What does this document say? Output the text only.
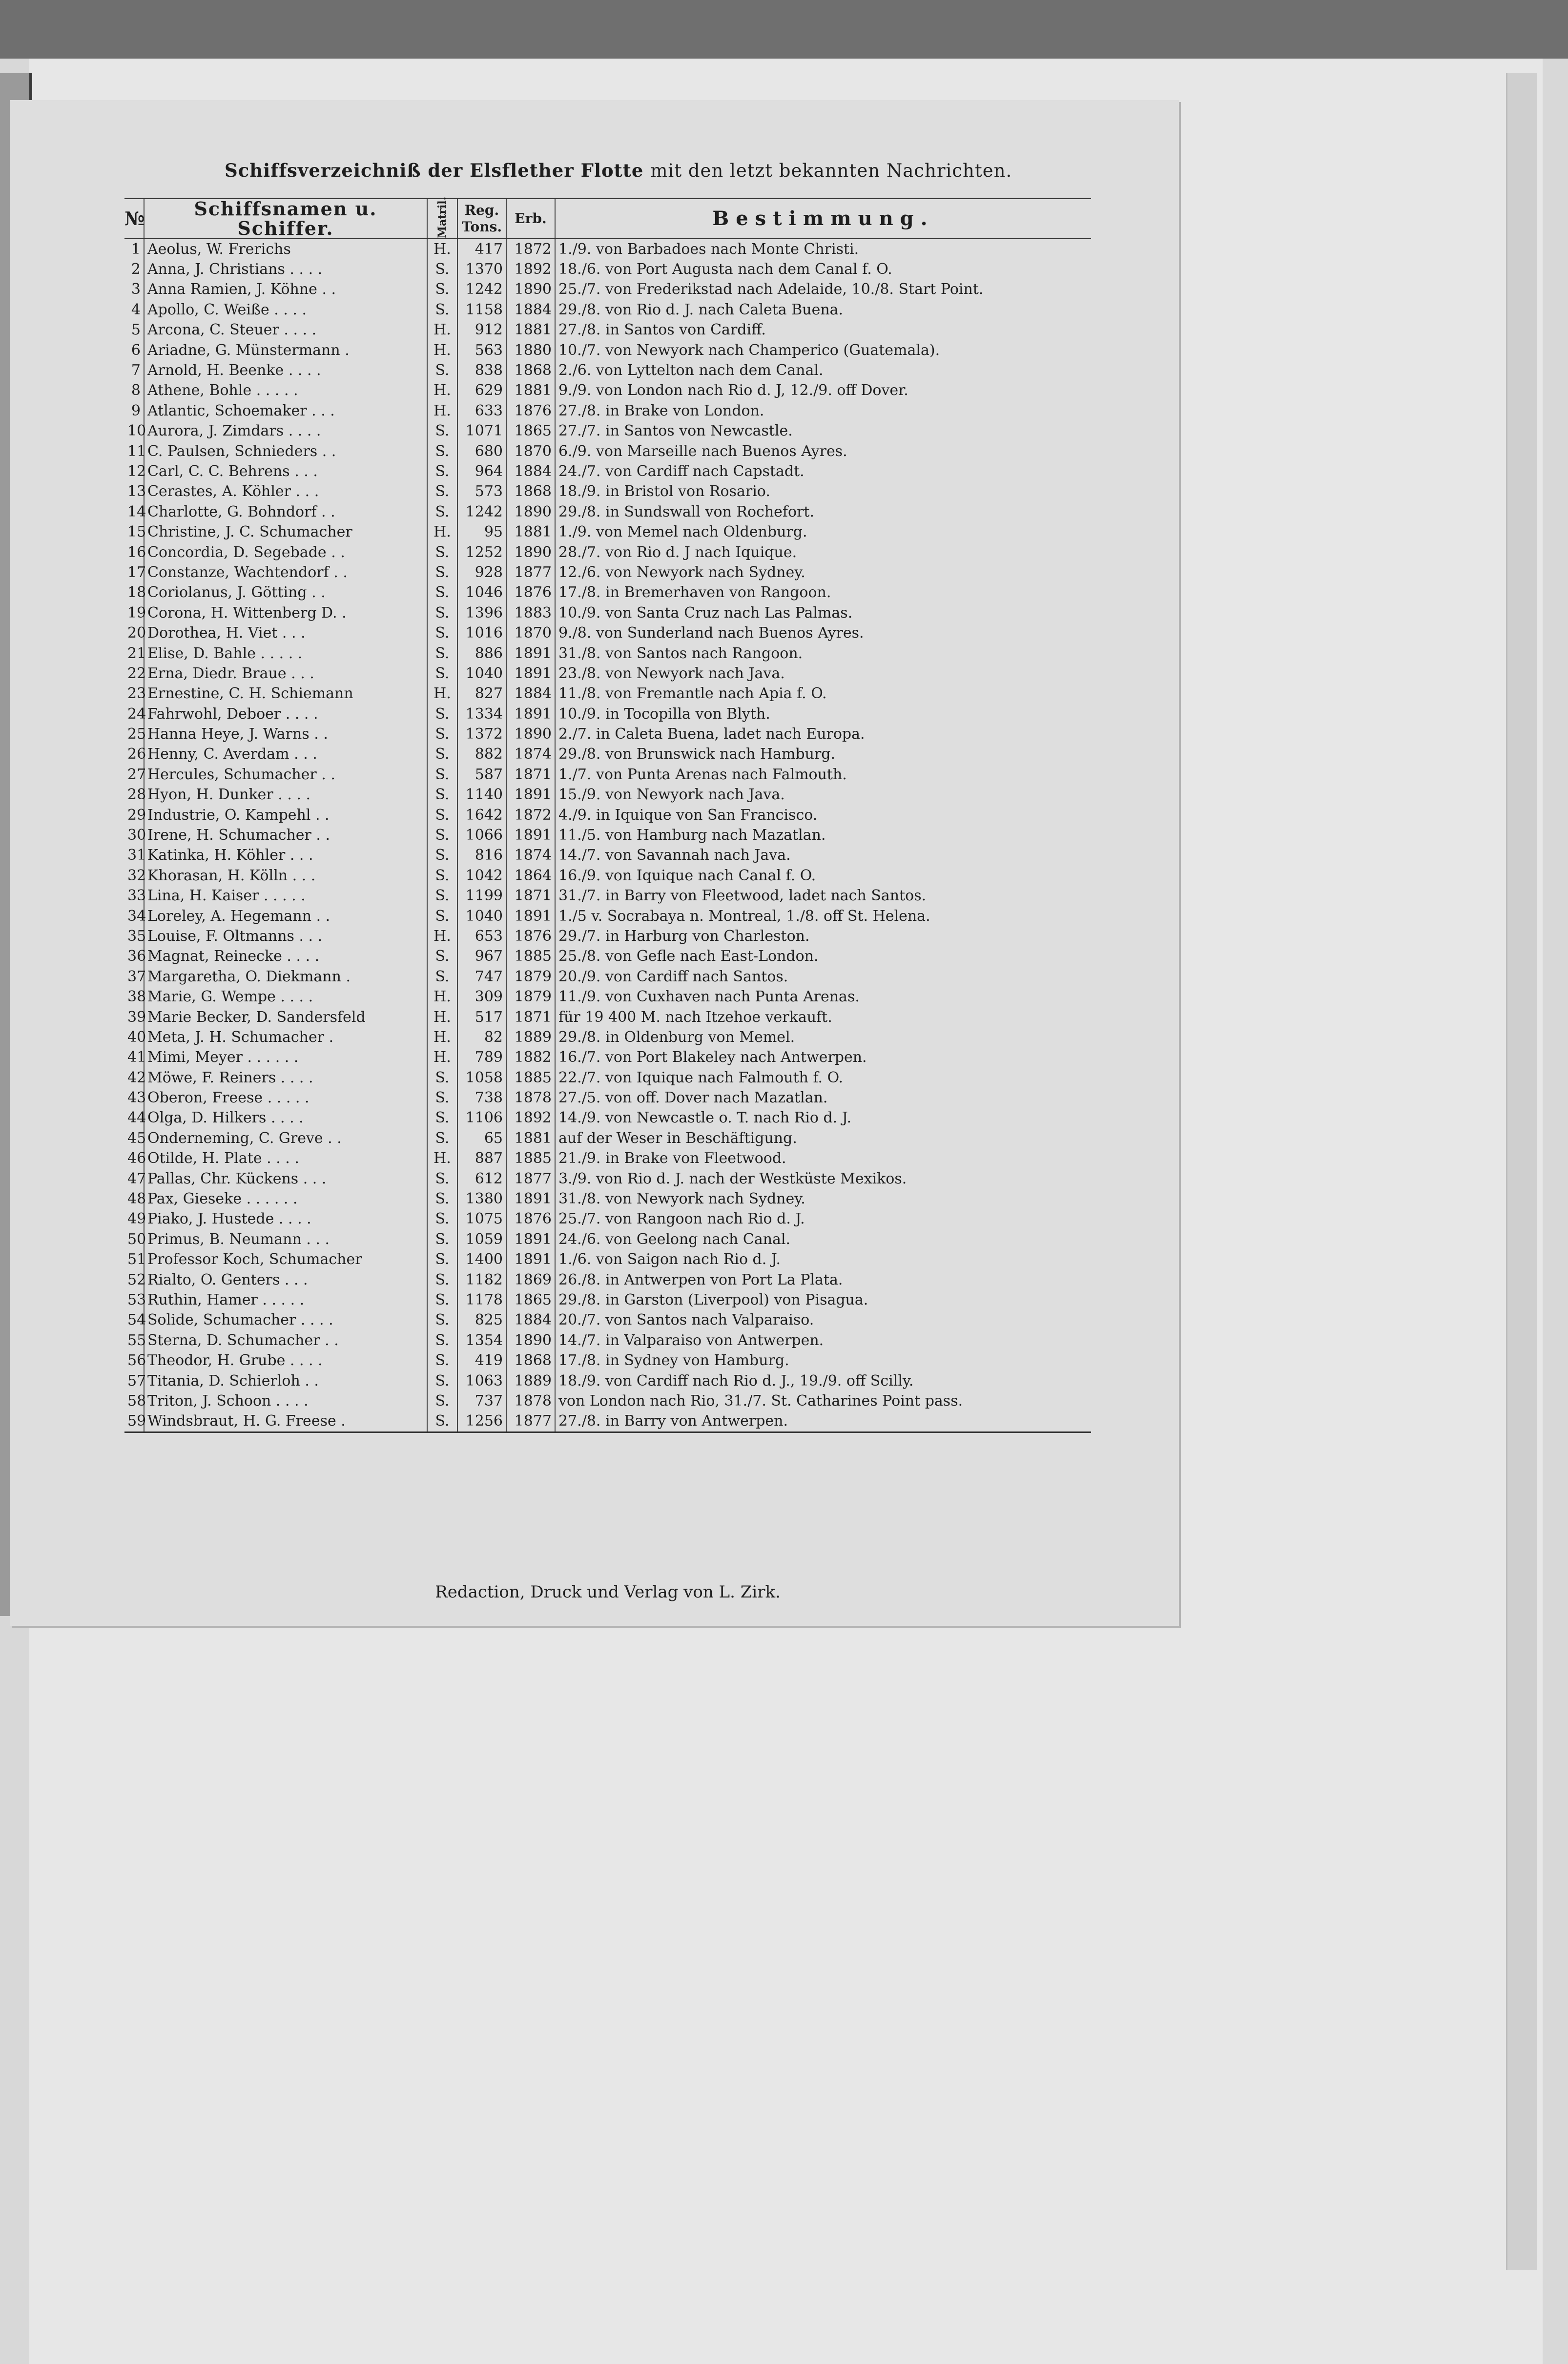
Schiffsverzeichniß der Elsflether Flotte mit den letzt bekannten Nachrichten.
№	Schiffsnamen u. Schiffer.	Matril.	Reg. Tons.	Erb.	Bestimmung.
1	Aeolus, W. Frerichs	H.	417	1872	1./9. von Barbadoes nach Monte Christi.
2	Anna, J. Christians . . . .	S.	1370	1892	18./6. von Port Augusta nach dem Canal f. O.
3	Anna Ramien, J. Köhne . .	S.	1242	1890	25./7. von Frederikstad nach Adelaide, 10./8. Start Point.
4	Apollo, C. Weiße . . . .	S.	1158	1884	29./8. von Rio d. J. nach Caleta Buena.
5	Arcona, C. Steuer . . . .	H.	912	1881	27./8. in Santos von Cardiff.
6	Ariadne, G. Münstermann .	H.	563	1880	10./7. von Newyork nach Champerico (Guatemala).
7	Arnold, H. Beenke . . . .	S.	838	1868	2./6. von Lyttelton nach dem Canal.
8	Athene, Bohle . . . . .	H.	629	1881	9./9. von London nach Rio d. J, 12./9. off Dover.
9	Atlantic, Schoemaker . . .	H.	633	1876	27./8. in Brake von London.
10	Aurora, J. Zimdars . . . .	S.	1071	1865	27./7. in Santos von Newcastle.
11	C. Paulsen, Schnieders . .	S.	680	1870	6./9. von Marseille nach Buenos Ayres.
12	Carl, C. C. Behrens . . .	S.	964	1884	24./7. von Cardiff nach Capstadt.
13	Cerastes, A. Köhler . . .	S.	573	1868	18./9. in Bristol von Rosario.
14	Charlotte, G. Bohndorf . .	S.	1242	1890	29./8. in Sundswall von Rochefort.
15	Christine, J. C. Schumacher	H.	95	1881	1./9. von Memel nach Oldenburg.
16	Concordia, D. Segebade . .	S.	1252	1890	28./7. von Rio d. J nach Iquique.
17	Constanze, Wachtendorf . .	S.	928	1877	12./6. von Newyork nach Sydney.
18	Coriolanus, J. Götting . .	S.	1046	1876	17./8. in Bremerhaven von Rangoon.
19	Corona, H. Wittenberg D. .	S.	1396	1883	10./9. von Santa Cruz nach Las Palmas.
20	Dorothea, H. Viet . . .	S.	1016	1870	9./8. von Sunderland nach Buenos Ayres.
21	Elise, D. Bahle . . . . .	S.	886	1891	31./8. von Santos nach Rangoon.
22	Erna, Diedr. Braue . . .	S.	1040	1891	23./8. von Newyork nach Java.
23	Ernestine, C. H. Schiemann	H.	827	1884	11./8. von Fremantle nach Apia f. O.
24	Fahrwohl, Deboer . . . .	S.	1334	1891	10./9. in Tocopilla von Blyth.
25	Hanna Heye, J. Warns . .	S.	1372	1890	2./7. in Caleta Buena, ladet nach Europa.
26	Henny, C. Averdam . . .	S.	882	1874	29./8. von Brunswick nach Hamburg.
27	Hercules, Schumacher . .	S.	587	1871	1./7. von Punta Arenas nach Falmouth.
28	Hyon, H. Dunker . . . .	S.	1140	1891	15./9. von Newyork nach Java.
29	Industrie, O. Kampehl . .	S.	1642	1872	4./9. in Iquique von San Francisco.
30	Irene, H. Schumacher . .	S.	1066	1891	11./5. von Hamburg nach Mazatlan.
31	Katinka, H. Köhler . . .	S.	816	1874	14./7. von Savannah nach Java.
32	Khorasan, H. Kölln . . .	S.	1042	1864	16./9. von Iquique nach Canal f. O.
33	Lina, H. Kaiser . . . . .	S.	1199	1871	31./7. in Barry von Fleetwood, ladet nach Santos.
34	Loreley, A. Hegemann . .	S.	1040	1891	1./5 v. Socrabaya n. Montreal, 1./8. off St. Helena.
35	Louise, F. Oltmanns . . .	H.	653	1876	29./7. in Harburg von Charleston.
36	Magnat, Reinecke . . . .	S.	967	1885	25./8. von Gefle nach East-London.
37	Margaretha, O. Diekmann .	S.	747	1879	20./9. von Cardiff nach Santos.
38	Marie, G. Wempe . . . .	H.	309	1879	11./9. von Cuxhaven nach Punta Arenas.
39	Marie Becker, D. Sandersfeld	H.	517	1871	für 19 400 M. nach Itzehoe verkauft.
40	Meta, J. H. Schumacher .	H.	82	1889	29./8. in Oldenburg von Memel.
41	Mimi, Meyer . . . . . .	H.	789	1882	16./7. von Port Blakeley nach Antwerpen.
42	Möwe, F. Reiners . . . .	S.	1058	1885	22./7. von Iquique nach Falmouth f. O.
43	Oberon, Freese . . . . .	S.	738	1878	27./5. von off. Dover nach Mazatlan.
44	Olga, D. Hilkers . . . .	S.	1106	1892	14./9. von Newcastle o. T. nach Rio d. J.
45	Onderneming, C. Greve . .	S.	65	1881	auf der Weser in Beschäftigung.
46	Otilde, H. Plate . . . .	H.	887	1885	21./9. in Brake von Fleetwood.
47	Pallas, Chr. Kückens . . .	S.	612	1877	3./9. von Rio d. J. nach der Westküste Mexikos.
48	Pax, Gieseke . . . . . .	S.	1380	1891	31./8. von Newyork nach Sydney.
49	Piako, J. Hustede . . . .	S.	1075	1876	25./7. von Rangoon nach Rio d. J.
50	Primus, B. Neumann . . .	S.	1059	1891	24./6. von Geelong nach Canal.
51	Professor Koch, Schumacher	S.	1400	1891	1./6. von Saigon nach Rio d. J.
52	Rialto, O. Genters . . .	S.	1182	1869	26./8. in Antwerpen von Port La Plata.
53	Ruthin, Hamer . . . . .	S.	1178	1865	29./8. in Garston (Liverpool) von Pisagua.
54	Solide, Schumacher . . . .	S.	825	1884	20./7. von Santos nach Valparaiso.
55	Sterna, D. Schumacher . .	S.	1354	1890	14./7. in Valparaiso von Antwerpen.
56	Theodor, H. Grube . . . .	S.	419	1868	17./8. in Sydney von Hamburg.
57	Titania, D. Schierloh . .	S.	1063	1889	18./9. von Cardiff nach Rio d. J., 19./9. off Scilly.
58	Triton, J. Schoon . . . .	S.	737	1878	von London nach Rio, 31./7. St. Catharines Point pass.
59	Windsbraut, H. G. Freese .	S.	1256	1877	27./8. in Barry von Antwerpen.
Redaction, Druck und Verlag von L. Zirk.
